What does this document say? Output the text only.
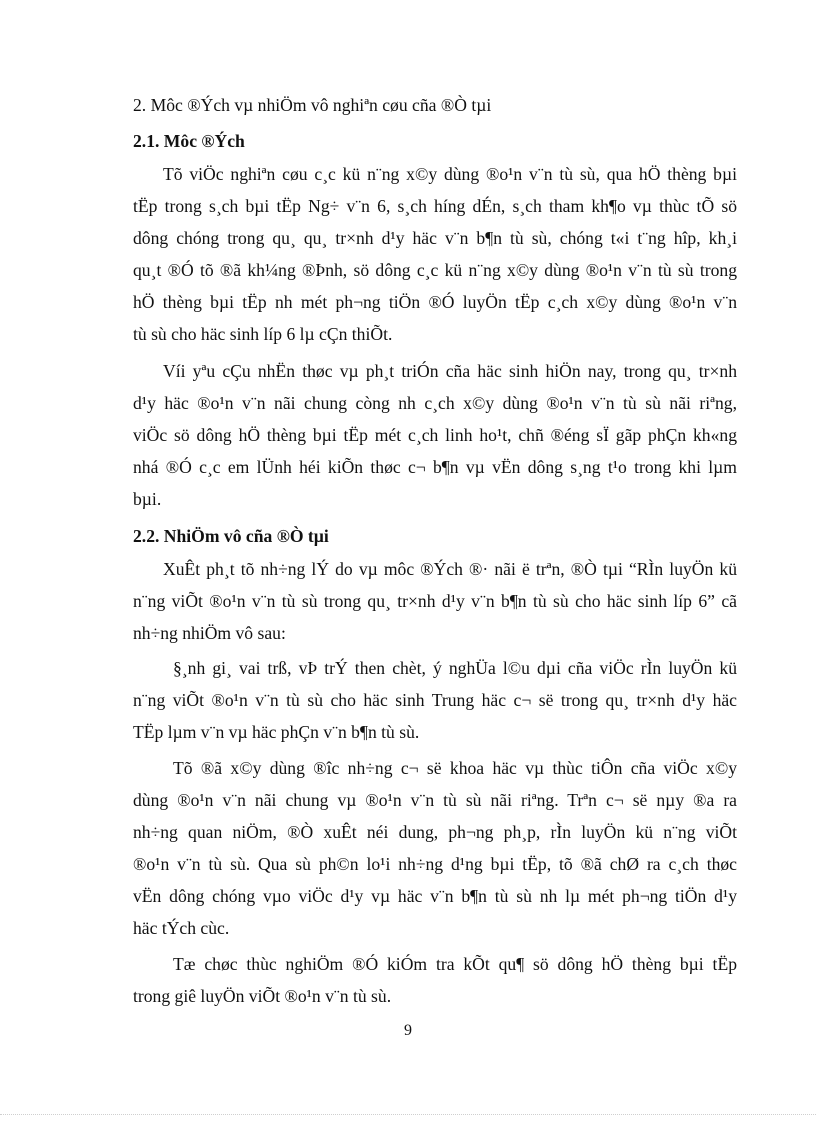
2. Môc ®Ých vµ nhiÖm vô nghiªn cøu cña ®Ò tµi
2.1. Môc ®Ých
Tõ viÖc nghiªn cøu c¸c kü n¨ng x©y dùng ®o¹n v¨n tù sù, qua hÖ thèng bµi
tËp trong s¸ch bµi tËp Ng÷ v¨n 6, s¸ch híng dÉn, s¸ch tham kh¶o vµ thùc tÕ sö
dông chóng trong qu¸ qu¸ tr×nh d¹y häc v¨n b¶n tù sù, chóng t«i t¨ng hîp, kh¸i
qu¸t ®Ó tõ ®ã kh¼ng ®Þnh, sö dông c¸c kü n¨ng x©y dùng ®o¹n v¨n tù sù trong
hÖ thèng bµi tËp nh mét ph¬ng tiÖn ®Ó luyÖn tËp c¸ch x©y dùng ®o¹n v¨n
tù sù cho häc sinh líp 6 lµ cÇn thiÕt.
Víi yªu cÇu nhËn thøc vµ ph¸t triÓn cña häc sinh hiÖn nay, trong qu¸ tr×nh
d¹y häc ®o¹n v¨n nãi chung còng nh c¸ch x©y dùng ®o¹n v¨n tù sù nãi riªng,
viÖc sö dông hÖ thèng bµi tËp mét c¸ch linh ho¹t, chñ ®éng sÏ gãp phÇn kh«ng
nhá ®Ó c¸c em lÜnh héi kiÕn thøc c¬ b¶n vµ vËn dông s¸ng t¹o trong khi lµm
bµi.
2.2. NhiÖm vô cña ®Ò tµi
XuÊt ph¸t tõ nh÷ng lÝ do vµ môc ®Ých ®· nãi ë trªn, ®Ò tµi “RÌn luyÖn kü
n¨ng viÕt ®o¹n v¨n tù sù trong qu¸ tr×nh d¹y v¨n b¶n tù sù cho häc sinh líp 6” cã
nh÷ng nhiÖm vô sau:
§¸nh gi¸ vai trß, vÞ trÝ then chèt, ý nghÜa l©u dµi cña viÖc rÌn luyÖn kü
n¨ng viÕt ®o¹n v¨n tù sù cho häc sinh Trung häc c¬ së trong qu¸ tr×nh d¹y häc
TËp lµm v¨n vµ häc phÇn v¨n b¶n tù sù.
Tõ ®ã x©y dùng ®îc nh÷ng c¬ së khoa häc vµ thùc tiÔn cña viÖc x©y
dùng ®o¹n v¨n nãi chung vµ ®o¹n v¨n tù sù nãi riªng. Trªn c¬ së nµy ®a ra
nh÷ng quan niÖm, ®Ò xuÊt néi dung, ph¬ng ph¸p, rÌn luyÖn kü n¨ng viÕt
®o¹n v¨n tù sù. Qua sù ph©n lo¹i nh÷ng d¹ng bµi tËp, tõ ®ã chØ ra c¸ch thøc
vËn dông chóng vµo viÖc d¹y vµ häc v¨n b¶n tù sù nh lµ mét ph¬ng tiÖn d¹y
häc tÝch cùc.
Tæ chøc thùc nghiÖm ®Ó kiÓm tra kÕt qu¶ sö dông hÖ thèng bµi tËp
trong giê luyÖn viÕt ®o¹n v¨n tù sù.
9
